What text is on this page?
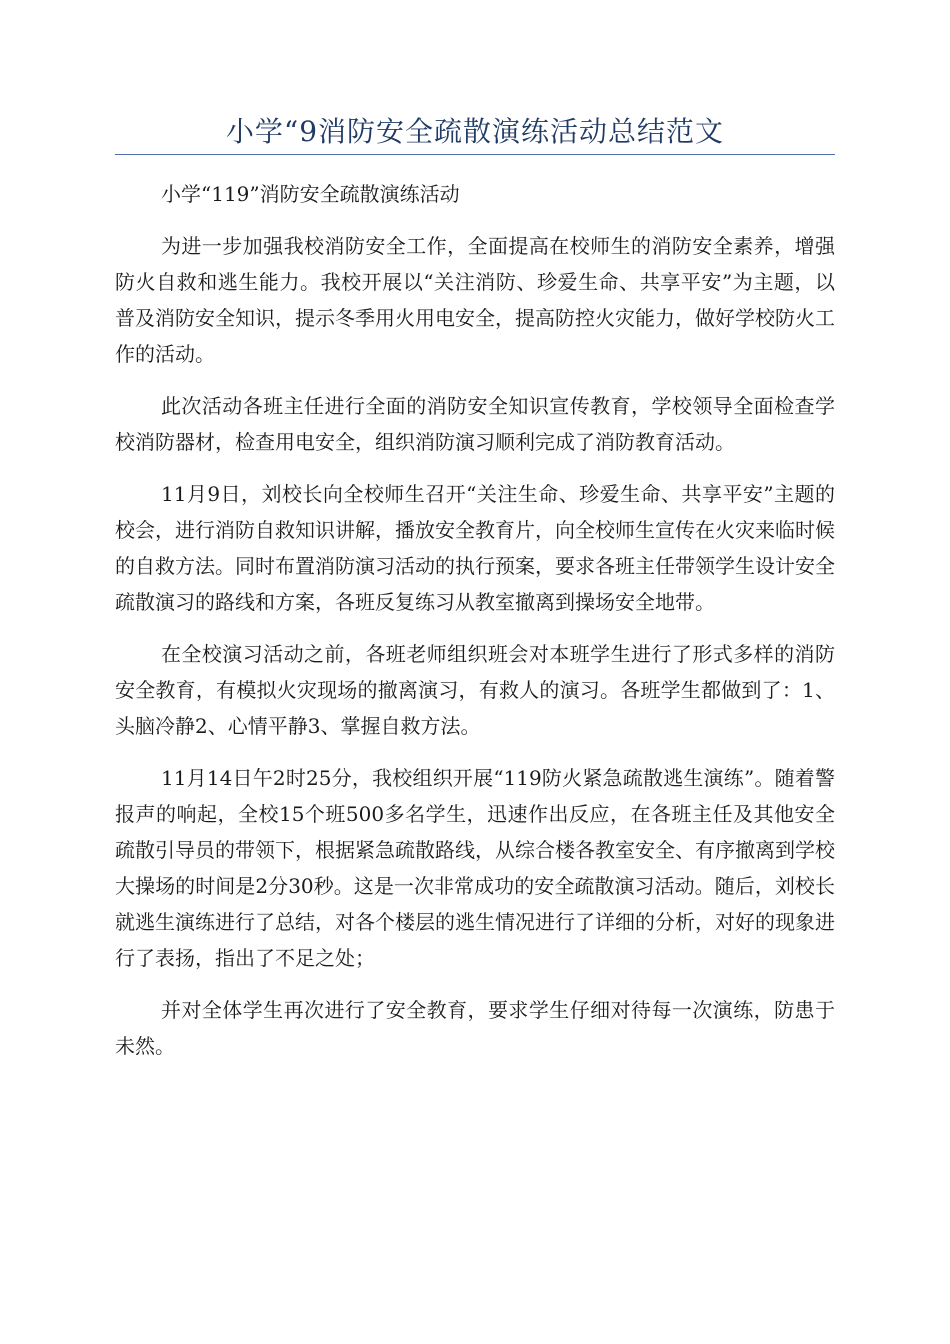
小学“9消防安全疏散演练活动总结范文

小学“119”消防安全疏散演练活动

为进一步加强我校消防安全工作，全面提高在校师生的消防安全素养，增强防火自救和逃生能力。我校开展以“关注消防、珍爱生命、共享平安”为主题，以普及消防安全知识，提示冬季用火用电安全，提高防控火灾能力，做好学校防火工作的活动。

此次活动各班主任进行全面的消防安全知识宣传教育，学校领导全面检查学校消防器材，检查用电安全，组织消防演习顺利完成了消防教育活动。

11月9日，刘校长向全校师生召开“关注生命、珍爱生命、共享平安”主题的校会，进行消防自救知识讲解，播放安全教育片，向全校师生宣传在火灾来临时候的自救方法。同时布置消防演习活动的执行预案，要求各班主任带领学生设计安全疏散演习的路线和方案，各班反复练习从教室撤离到操场安全地带。

在全校演习活动之前，各班老师组织班会对本班学生进行了形式多样的消防安全教育，有模拟火灾现场的撤离演习，有救人的演习。各班学生都做到了：1、头脑冷静2、心情平静3、掌握自救方法。

11月14日午2时25分，我校组织开展“119防火紧急疏散逃生演练”。随着警报声的响起，全校15个班500多名学生，迅速作出反应，在各班主任及其他安全疏散引导员的带领下，根据紧急疏散路线，从综合楼各教室安全、有序撤离到学校大操场的时间是2分30秒。这是一次非常成功的安全疏散演习活动。随后，刘校长就逃生演练进行了总结，对各个楼层的逃生情况进行了详细的分析，对好的现象进行了表扬，指出了不足之处；

并对全体学生再次进行了安全教育，要求学生仔细对待每一次演练，防患于未然。
